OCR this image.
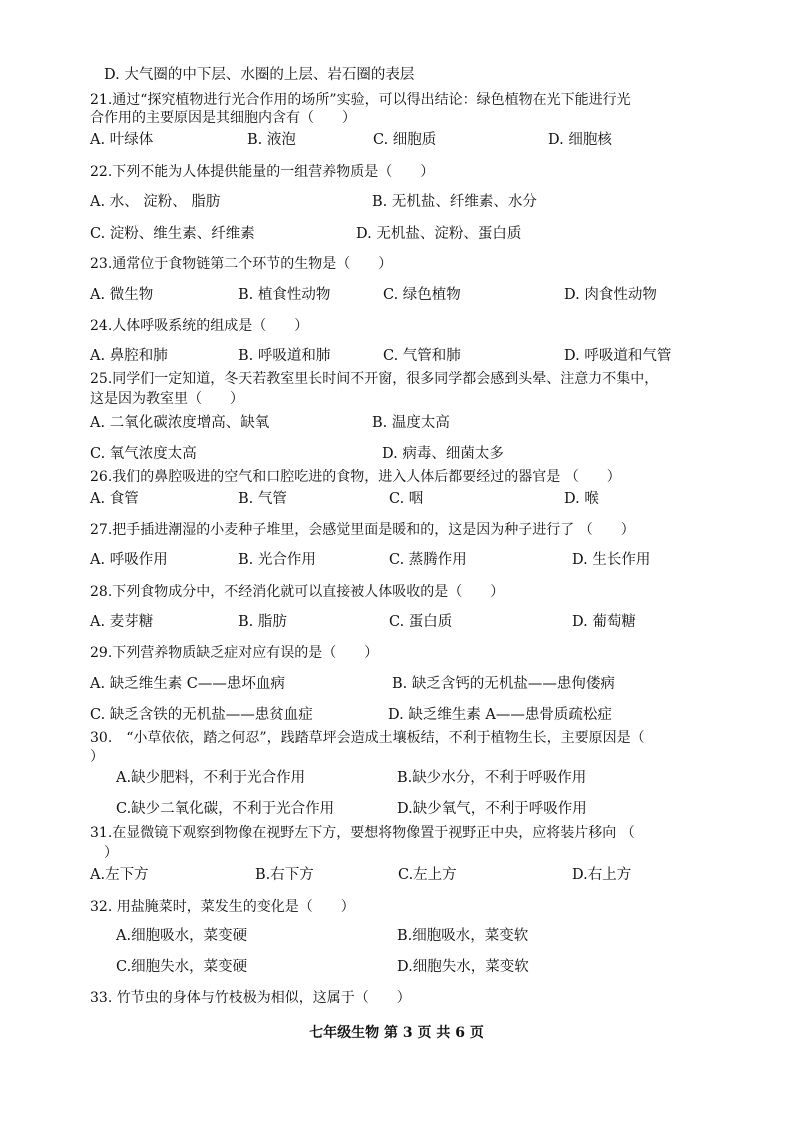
D. 大气圈的中下层、水圈的上层、岩石圈的表层
21.通过“探究植物进行光合作用的场所”实验，可以得出结论：绿色植物在光下能进行光
合作用的主要原因是其细胞内含有（　　）
A. 叶绿体	B. 液泡	C. 细胞质	D. 细胞核
22.下列不能为人体提供能量的一组营养物质是（　　）
A. 水、 淀粉、 脂肪	B. 无机盐、纤维素、水分
C. 淀粉、维生素、纤维素	D. 无机盐、淀粉、蛋白质
23.通常位于食物链第二个环节的生物是（　　）
A. 微生物	B. 植食性动物	C. 绿色植物	D. 肉食性动物
24.人体呼吸系统的组成是（　　）
A. 鼻腔和肺	B. 呼吸道和肺	C. 气管和肺	D. 呼吸道和气管
25.同学们一定知道，冬天若教室里长时间不开窗，很多同学都会感到头晕、注意力不集中，
这是因为教室里（　　）
A. 二氧化碳浓度增高、缺氧	B. 温度太高
C. 氧气浓度太高	D. 病毒、细菌太多
26.我们的鼻腔吸进的空气和口腔吃进的食物，进入人体后都要经过的器官是 （　　）
A. 食管	B. 气管	C. 咽	D. 喉
27.把手插进潮湿的小麦种子堆里，会感觉里面是暖和的，这是因为种子进行了 （　　）
A. 呼吸作用	B. 光合作用	C. 蒸腾作用	D. 生长作用
28.下列食物成分中，不经消化就可以直接被人体吸收的是（　　）
A. 麦芽糖	B. 脂肪	C. 蛋白质	D. 葡萄糖
29.下列营养物质缺乏症对应有误的是（　　）
A. 缺乏维生素 C——患坏血病	B. 缺乏含钙的无机盐——患佝偻病
C. 缺乏含铁的无机盐——患贫血症	D. 缺乏维生素 A——患骨质疏松症
30.　“小草依依，踏之何忍”，践踏草坪会造成土壤板结，不利于植物生长，主要原因是（
）
A.缺少肥料，不利于光合作用	B.缺少水分，不利于呼吸作用
C.缺少二氧化碳，不利于光合作用	D.缺少氧气，不利于呼吸作用
31.在显微镜下观察到物像在视野左下方，要想将物像置于视野正中央，应将装片移向 （
　）
A.左下方	B.右下方	C.左上方	D.右上方
32. 用盐腌菜时，菜发生的变化是（　　）
A.细胞吸水，菜变硬	B.细胞吸水，菜变软
C.细胞失水，菜变硬	D.细胞失水，菜变软
33. 竹节虫的身体与竹枝极为相似，这属于（　　）
七年级生物 第 3 页 共 6 页
